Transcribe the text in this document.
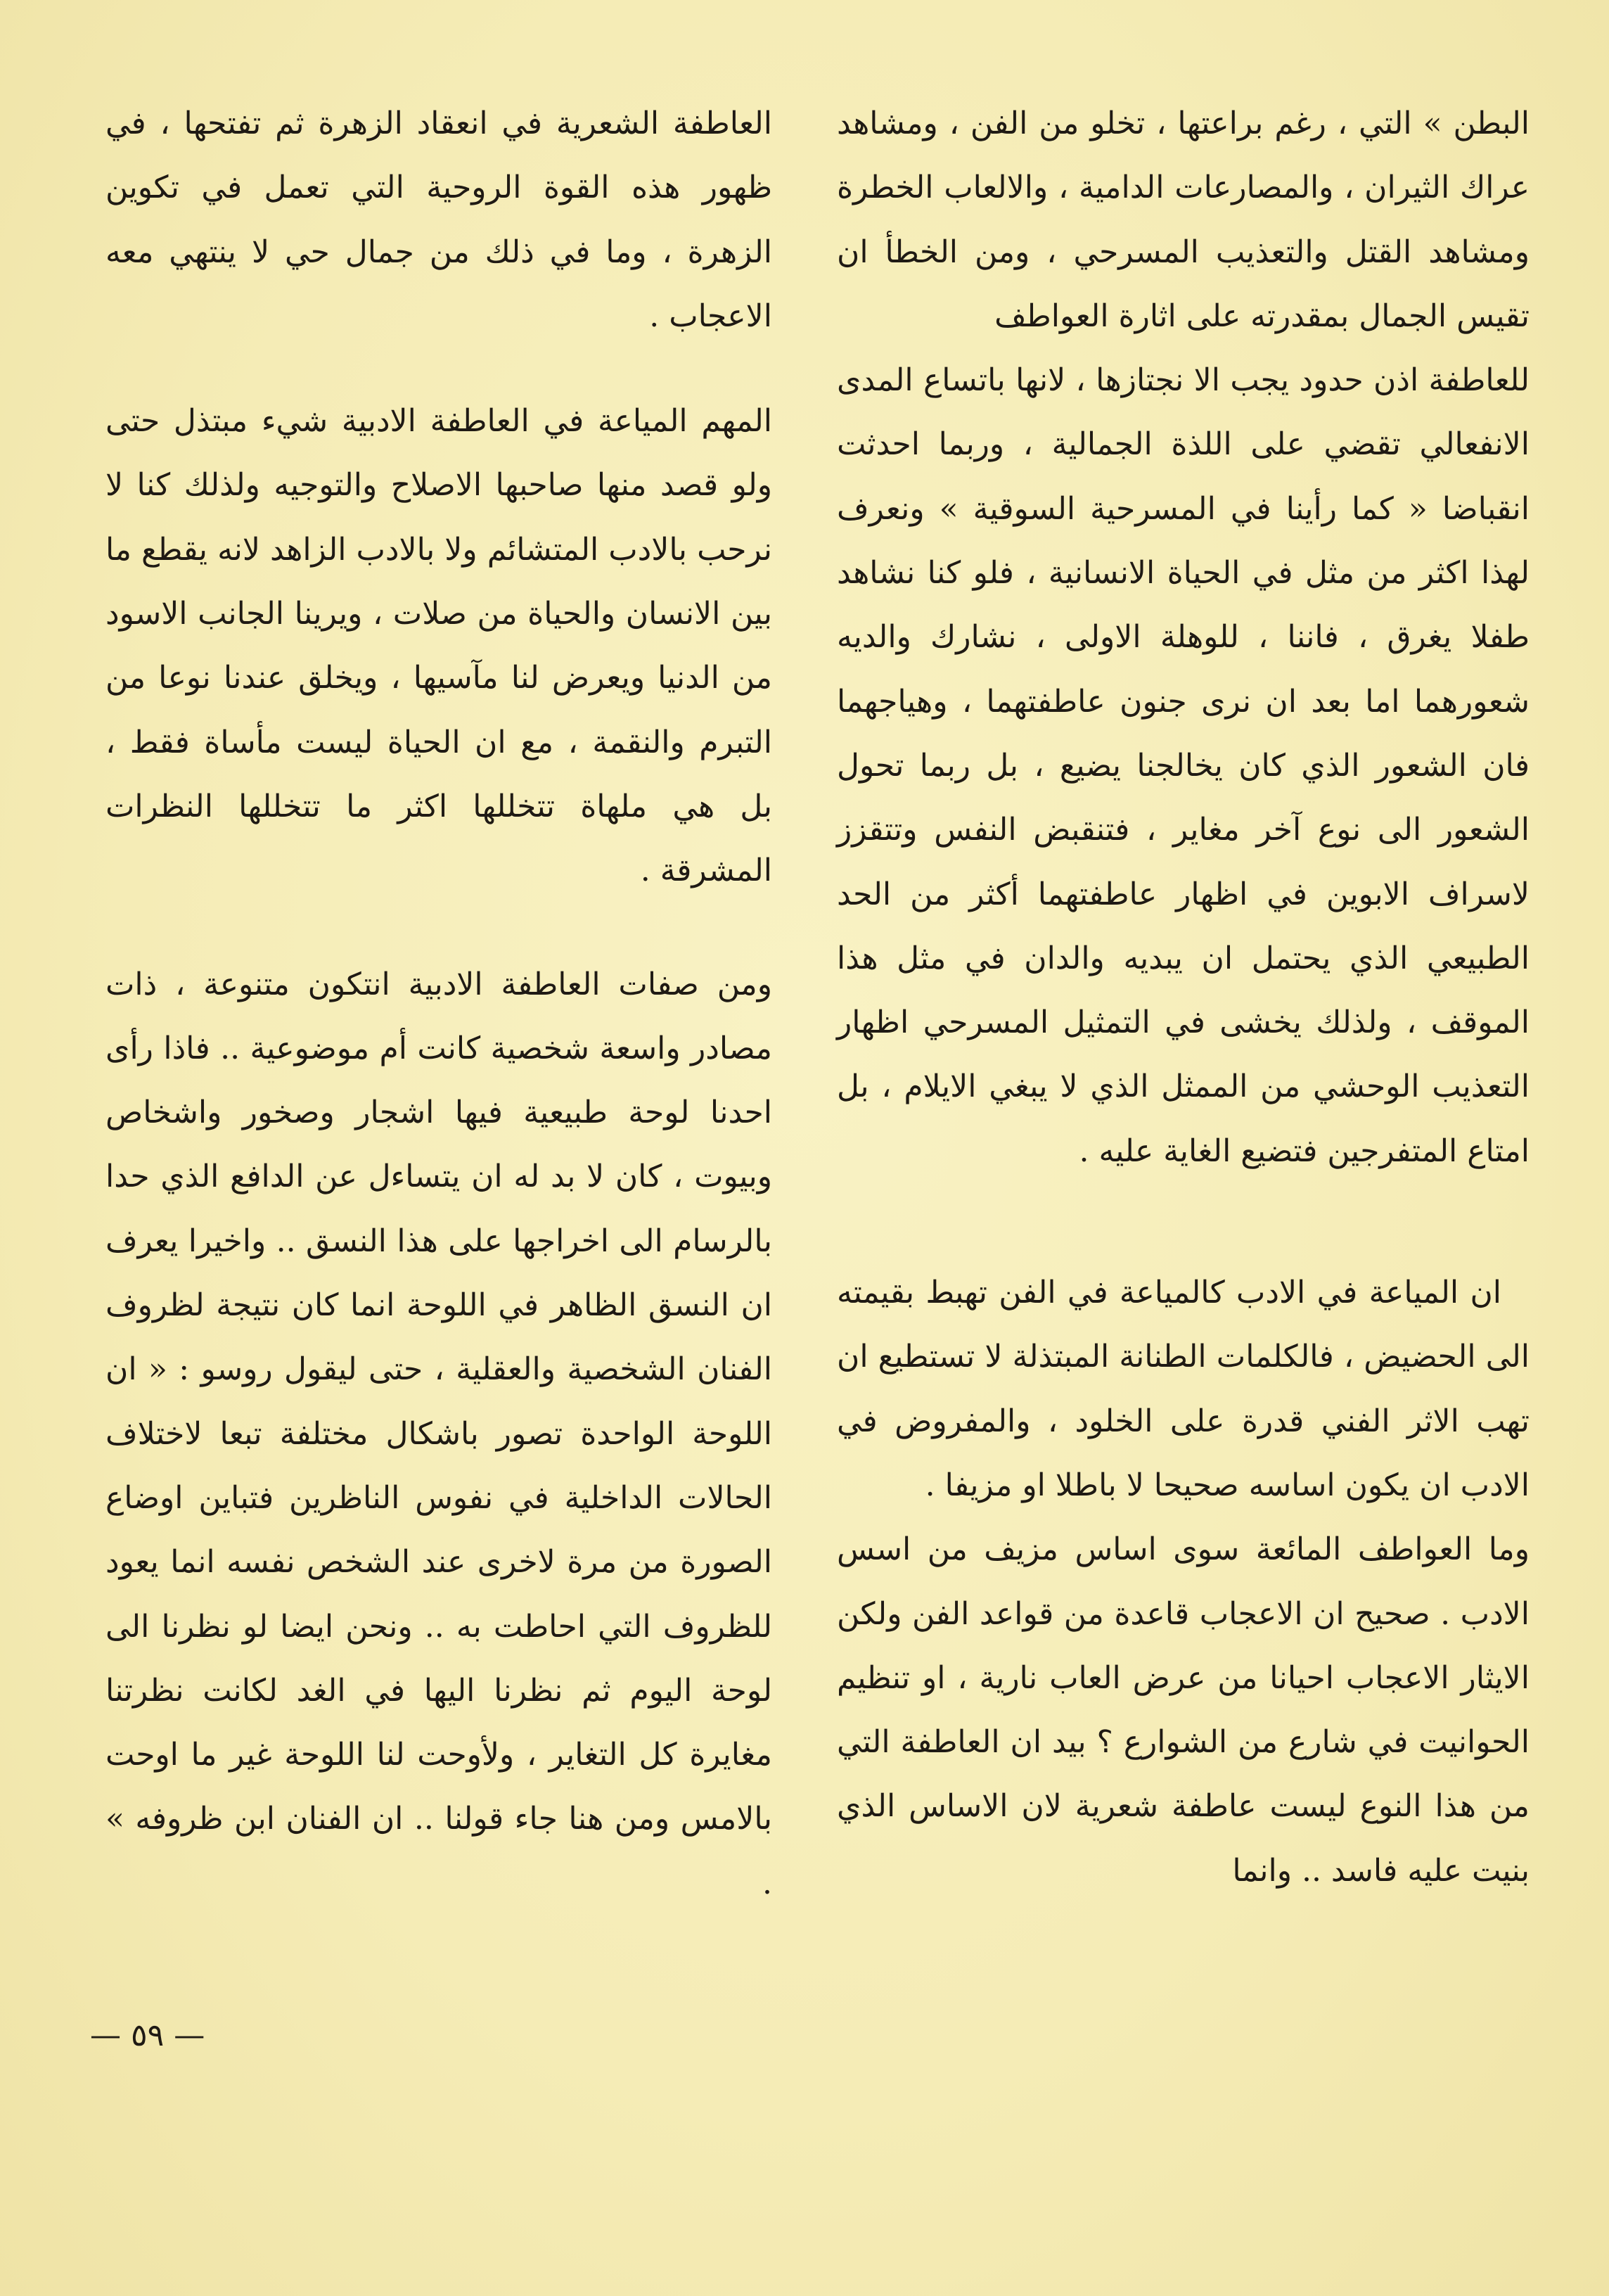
البطن » التي ، رغم براعتها ، تخلو من الفن ، ومشاهد عراك الثيران ، والمصارعات الدامية ، والالعاب الخطرة ومشاهد القتل والتعذيب المسرحي ، ومن الخطأ ان تقيس الجمال بمقدرته على اثارة العواطف

للعاطفة اذن حدود يجب الا نجتازها ، لانها باتساع المدى الانفعالي تقضي على اللذة الجمالية ، وربما احدثت انقباضا « كما رأينا في المسرحية السوقية » ونعرف لهذا اكثر من مثل في الحياة الانسانية ، فلو كنا نشاهد طفلا يغرق ، فاننا ، للوهلة الاولى ، نشارك والديه شعورهما اما بعد ان نرى جنون عاطفتهما ، وهياجهما فان الشعور الذي كان يخالجنا يضيع ، بل ربما تحول الشعور الى نوع آخر مغاير ، فتنقبض النفس وتتقزز لاسراف الابوين في اظهار عاطفتهما أكثر من الحد الطبيعي الذي يحتمل ان يبديه والدان في مثل هذا الموقف ، ولذلك يخشى في التمثيل المسرحي اظهار التعذيب الوحشي من الممثل الذي لا يبغي الايلام ، بل امتاع المتفرجين فتضيع الغاية عليه .

ان المياعة في الادب كالمياعة في الفن تهبط بقيمته الى الحضيض ، فالكلمات الطنانة المبتذلة لا تستطيع ان تهب الاثر الفني قدرة على الخلود ، والمفروض في الادب ان يكون اساسه صحيحا لا باطلا او مزيفا .

وما العواطف المائعة سوى اساس مزيف من اسس الادب . صحيح ان الاعجاب قاعدة من قواعد الفن ولكن الايثار الاعجاب احيانا من عرض العاب نارية ، او تنظيم الحوانيت في شارع من الشوارع ؟ بيد ان العاطفة التي من هذا النوع ليست عاطفة شعرية لان الاساس الذي بنيت عليه فاسد .. وانما

العاطفة الشعرية في انعقاد الزهرة ثم تفتحها ، في ظهور هذه القوة الروحية التي تعمل في تكوين الزهرة ، وما في ذلك من جمال حي لا ينتهي معه الاعجاب .

المهم المياعة في العاطفة الادبية شيء مبتذل حتى ولو قصد منها صاحبها الاصلاح والتوجيه ولذلك كنا لا نرحب بالادب المتشائم ولا بالادب الزاهد لانه يقطع ما بين الانسان والحياة من صلات ، ويرينا الجانب الاسود من الدنيا ويعرض لنا مآسيها ، ويخلق عندنا نوعا من التبرم والنقمة ، مع ان الحياة ليست مأساة فقط ، بل هي ملهاة تتخللها اكثر ما تتخللها النظرات المشرقة .

ومن صفات العاطفة الادبية انتكون متنوعة ، ذات مصادر واسعة شخصية كانت أم موضوعية .. فاذا رأى احدنا لوحة طبيعية فيها اشجار وصخور واشخاص وبيوت ، كان لا بد له ان يتساءل عن الدافع الذي حدا بالرسام الى اخراجها على هذا النسق .. واخيرا يعرف ان النسق الظاهر في اللوحة انما كان نتيجة لظروف الفنان الشخصية والعقلية ، حتى ليقول روسو : « ان اللوحة الواحدة تصور باشكال مختلفة تبعا لاختلاف الحالات الداخلية في نفوس الناظرين فتباين اوضاع الصورة من مرة لاخرى عند الشخص نفسه انما يعود للظروف التي احاطت به .. ونحن ايضا لو نظرنا الى لوحة اليوم ثم نظرنا اليها في الغد لكانت نظرتنا مغايرة كل التغاير ، ولأوحت لنا اللوحة غير ما اوحت بالامس ومن هنا جاء قولنا .. ان الفنان ابن ظروفه » .

— ٥٩ —
